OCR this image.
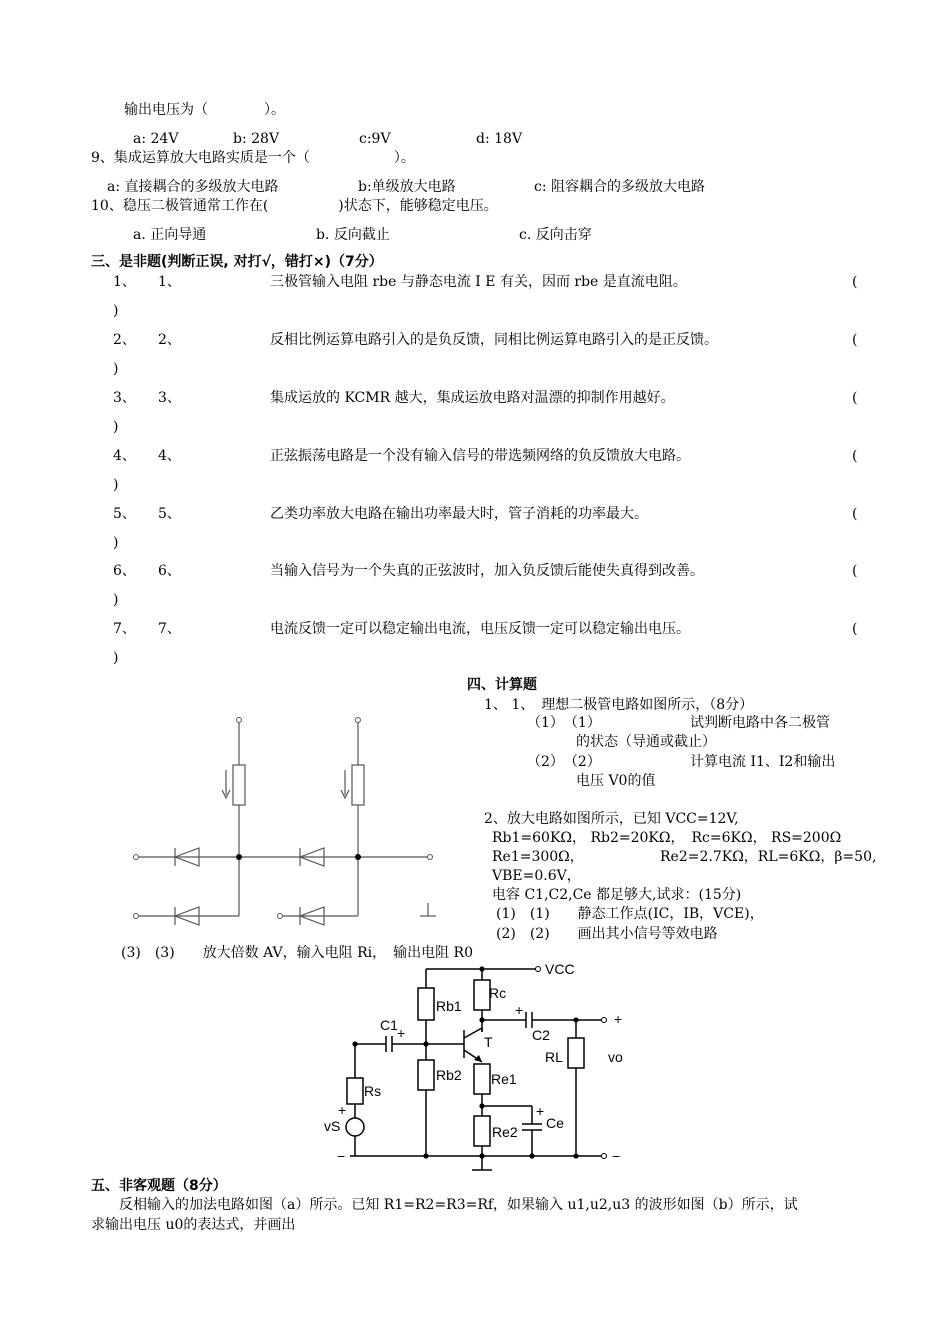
输出电压为（　　　　）。
a: 24V	b: 28V	c:9V	d: 18V
9、集成运算放大电路实质是一个（　　　　　　）。
a: 直接耦合的多级放大电路	b:单级放大电路	c: 阻容耦合的多级放大电路
10、稳压二极管通常工作在(　　　　　)状态下，能够稳定电压。
a. 正向导通	b. 反向截止	c. 反向击穿
三、是非题(判断正误, 对打√，错打×)（7分）
1、 1、	三极管输入电阻 rbe 与静态电流 I E 有关，因而 rbe 是直流电阻。	(
)
2、 2、	反相比例运算电路引入的是负反馈，同相比例运算电路引入的是正反馈。	(
)
3、 3、	集成运放的 KCMR 越大，集成运放电路对温漂的抑制作用越好。	(
)
4、 4、	正弦振荡电路是一个没有输入信号的带选频网络的负反馈放大电路。	(
)
5、 5、	乙类功率放大电路在输出功率最大时，管子消耗的功率最大。	(
)
6、 6、	当输入信号为一个失真的正弦波时，加入负反馈后能使失真得到改善。	(
)
7、 7、	电流反馈一定可以稳定输出电流，电压反馈一定可以稳定输出电压。	(
)
四、计算题
1、 1、　理想二极管电路如图所示，（8分）
（1）　（1）	试判断电路中各二极管
的状态（导通或截止）
（2）　（2）	计算电流 I1、I2和输出
电压 V0的值
2、放大电路如图所示，已知 VCC=12V,
Rb1=60KΩ， Rb2=20KΩ，　Rc=6KΩ， RS=200Ω
Re1=300Ω，	Re2=2.7KΩ，RL=6KΩ，β=50,
VBE=0.6V，
电容 C1,C2,Ce 都足够大,试求：(15分)
(1)　(1)　　静态工作点(IC，IB，VCE)，
(2)　(2)　　画出其小信号等效电路
(3)　(3)　　放大倍数 AV，输入电阻 Ri，　输出电阻 R0
VCC
Rb1
Rc
C1 +	C2
+
T
RL	vo
+
−
Rs
Rb2 Re1
+
vS
−
Re2
Ce
+
五、非客观题（8分）
反相输入的加法电路如图（a）所示。已知 R1=R2=R3=Rf，如果输入 u1,u2,u3 的波形如图（b）所示，试
求输出电压 u0的表达式，并画出
